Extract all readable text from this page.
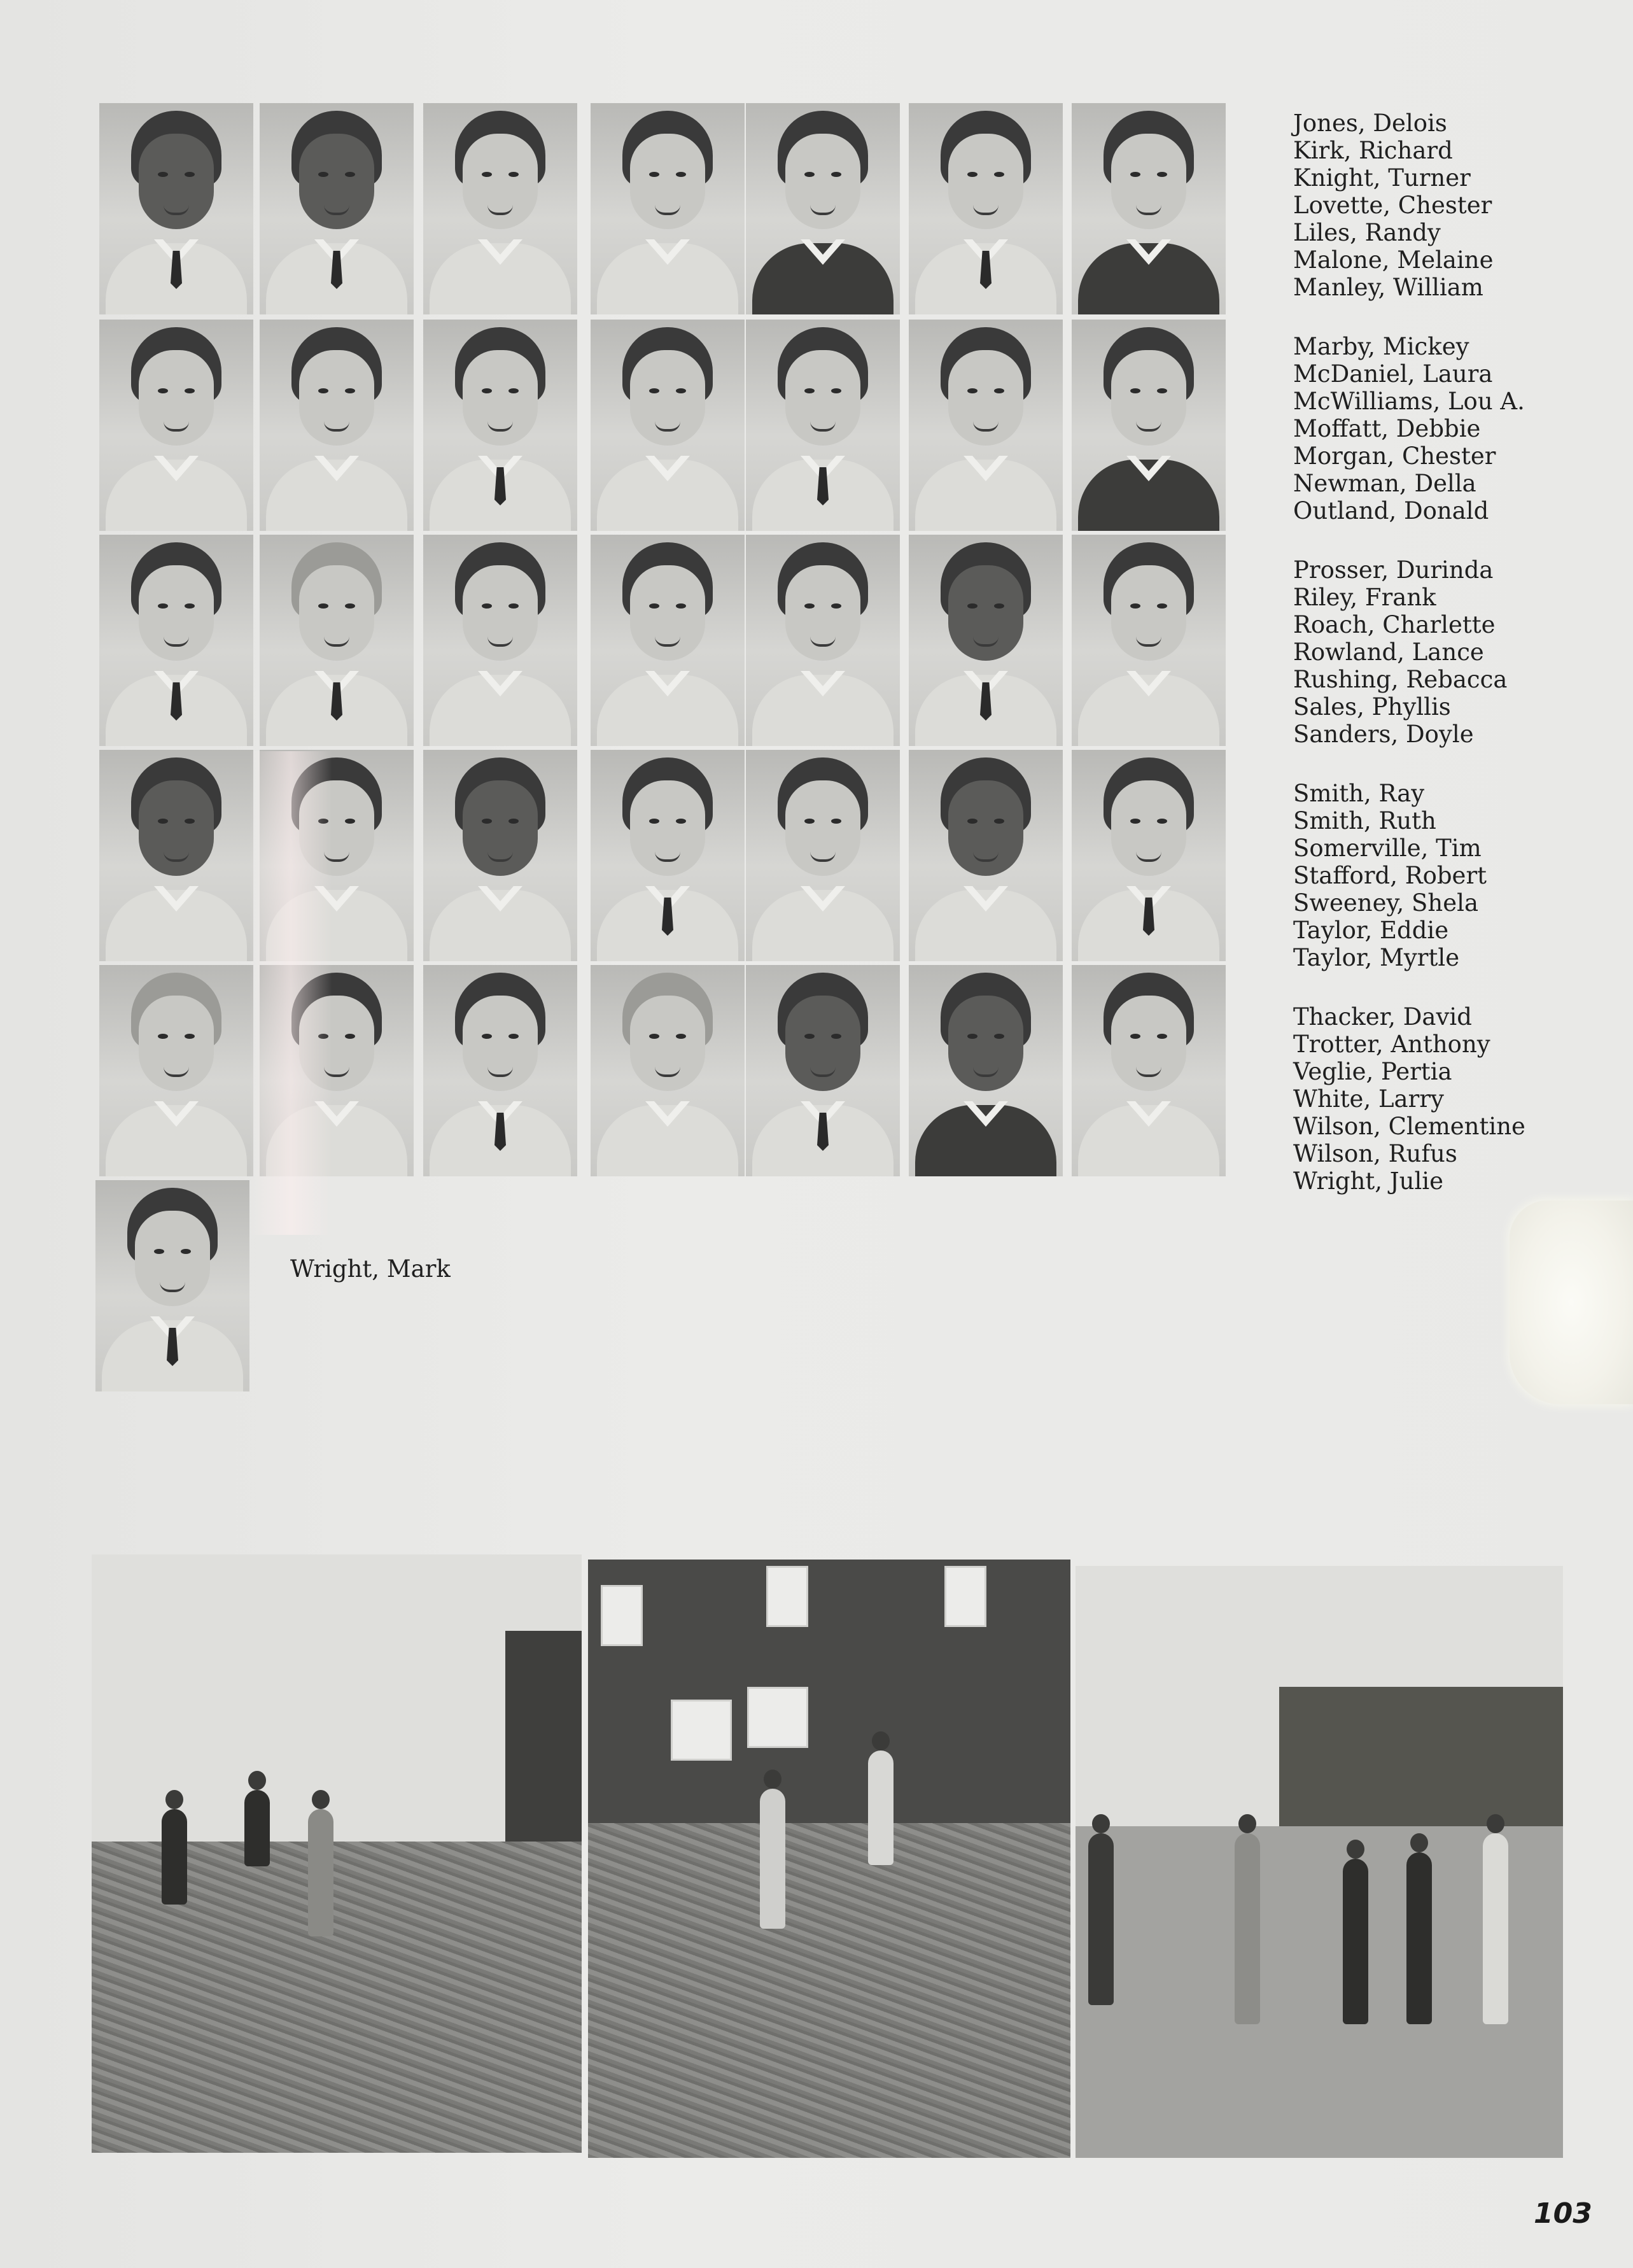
Jones, Delois
Kirk, Richard
Knight, Turner
Lovette, Chester
Liles, Randy
Malone, Melaine
Manley, William
Marby, Mickey
McDaniel, Laura
McWilliams, Lou A.
Moffatt, Debbie
Morgan, Chester
Newman, Della
Outland, Donald
Prosser, Durinda
Riley, Frank
Roach, Charlette
Rowland, Lance
Rushing, Rebacca
Sales, Phyllis
Sanders, Doyle
Smith, Ray
Smith, Ruth
Somerville, Tim
Stafford, Robert
Sweeney, Shela
Taylor, Eddie
Taylor, Myrtle
Thacker, David
Trotter, Anthony
Veglie, Pertia
White, Larry
Wilson, Clementine
Wilson, Rufus
Wright, Julie
Wright, Mark
103
